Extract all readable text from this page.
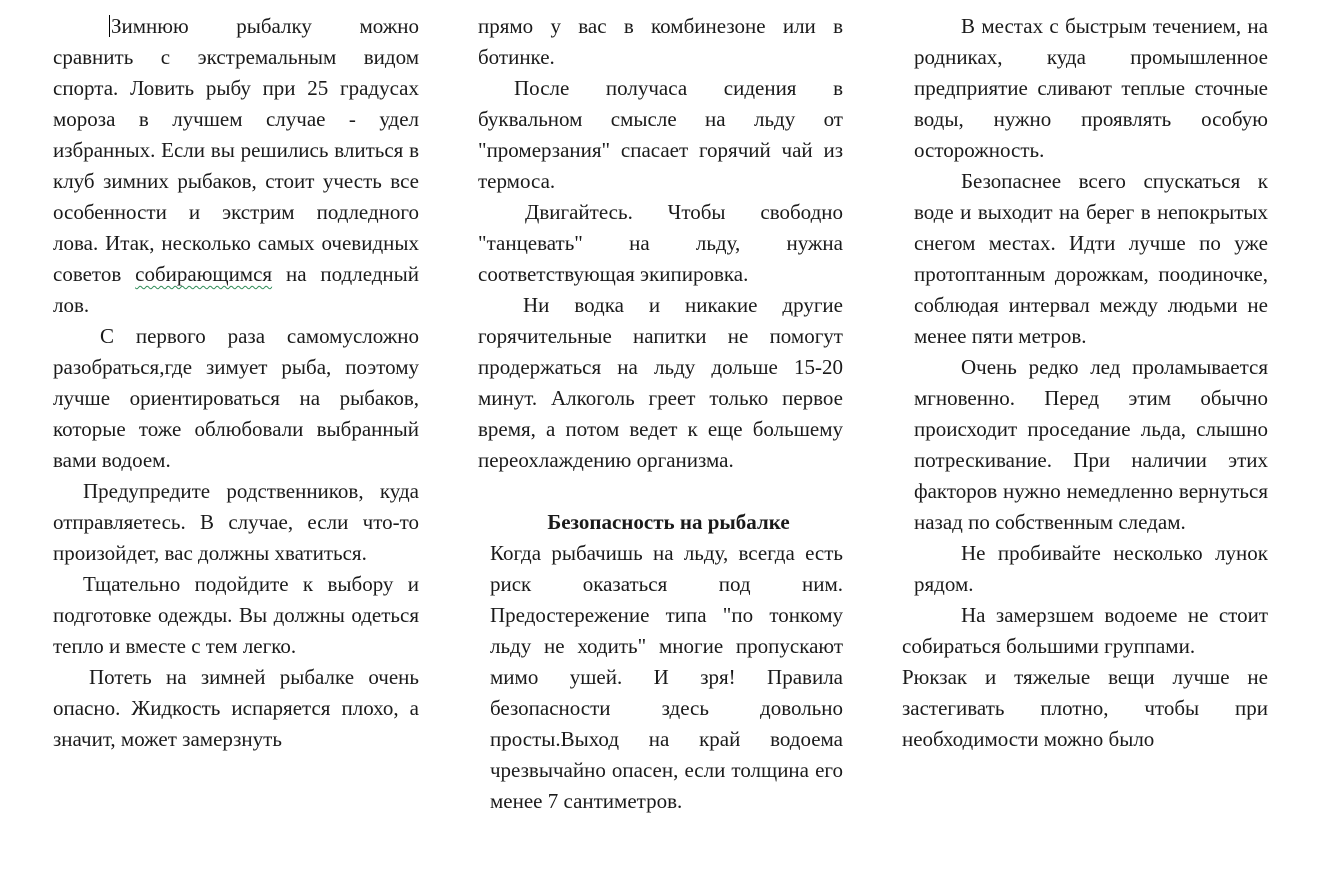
Зимнюю рыбалку можно сравнить с экстремальным видом спорта. Ловить рыбу при 25 градусах мороза в лучшем случае - удел избранных. Если вы решились влиться в клуб зимних рыбаков, стоит учесть все особенности и экстрим подледного лова. Итак, несколько самых очевидных советов собирающимся на подледный лов.

С первого раза самомусложно разобраться,где зимует рыба, поэтому лучше ориентироваться на рыбаков, которые тоже облюбовали выбранный вами водоем.

Предупредите родственников, куда отправляетесь. В случае, если что-то произойдет, вас должны хватиться.

Тщательно подойдите к выбору и подготовке одежды. Вы должны одеться тепло и вместе с тем легко.

Потеть на зимней рыбалке очень опасно. Жидкость испаряется плохо, а значит, может замерзнуть

прямо у вас в комбинезоне или в ботинке.

После получаса сидения в буквальном смысле на льду от "промерзания" спасает горячий чай из термоса.

Двигайтесь. Чтобы свободно "танцевать" на льду, нужна соответствующая экипировка.

Ни водка и никакие другие горячительные напитки не помогут продержаться на льду дольше 15-20 минут. Алкоголь греет только первое время, а потом ведет к еще большему переохлаждению организма.

Безопасность на рыбалке

Когда рыбачишь на льду, всегда есть риск оказаться под ним. Предостережение типа "по тонкому льду не ходить" многие пропускают мимо ушей. И зря! Правила безопасности здесь довольно просты.Выход на край водоема чрезвычайно опасен, если толщина его менее 7 сантиметров.

В местах с быстрым течением, на родниках, куда промышленное предприятие сливают теплые сточные воды, нужно проявлять особую осторожность.

Безопаснее всего спускаться к воде и выходит на берег в непокрытых снегом местах. Идти лучше по уже протоптанным дорожкам, поодиночке, соблюдая интервал между людьми не менее пяти метров.

Очень редко лед проламывается мгновенно. Перед этим обычно происходит проседание льда, слышно потрескивание. При наличии этих факторов нужно немедленно вернуться назад по собственным следам.

Не пробивайте несколько лунок рядом.

На замерзшем водоеме не стоит собираться большими группами.

Рюкзак и тяжелые вещи лучше не застегивать плотно, чтобы при необходимости можно было
